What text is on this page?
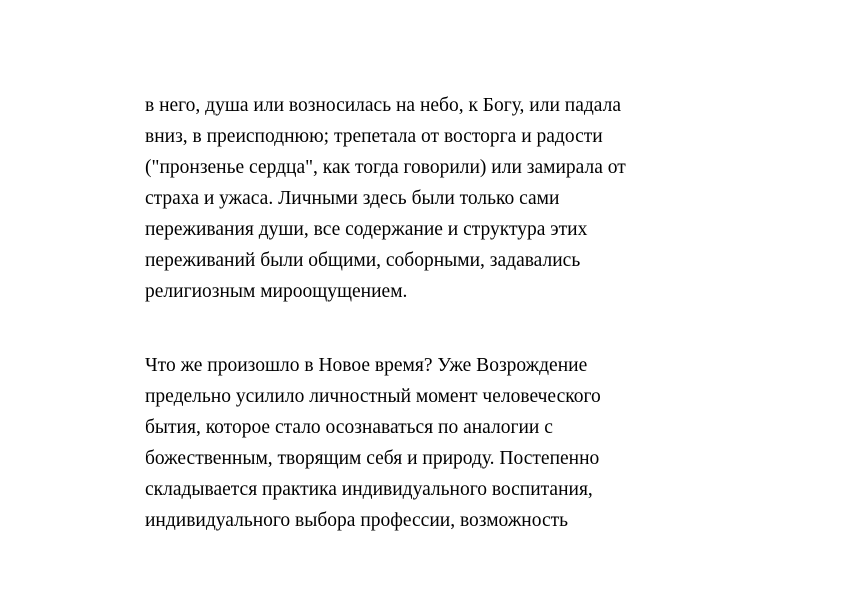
в него, душа или возносилась на небо, к Богу, или падала
вниз, в преисподнюю; трепетала от восторга и радости
("пронзенье сердца", как тогда говорили) или замирала от
страха и ужаса. Личными здесь были только сами
переживания души, все содержание и структура этих
переживаний были общими, соборными, задавались
религиозным мироощущением.
Что же произошло в Новое время? Уже Возрождение
предельно усилило личностный момент человеческого
бытия, которое стало осознаваться по аналогии с
божественным, творящим себя и природу. Постепенно
складывается практика индивидуального воспитания,
индивидуального выбора профессии, возможность
